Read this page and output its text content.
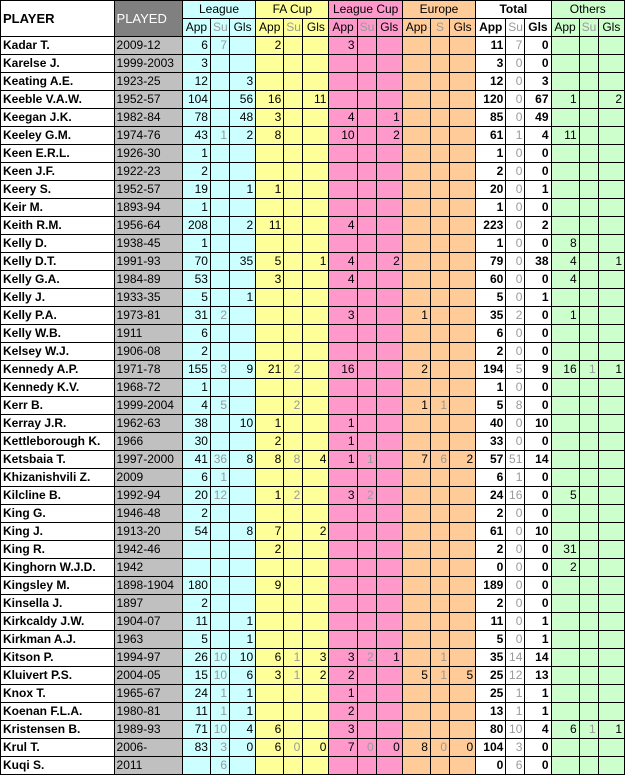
PLAYER	PLAYED	League			FA Cup			League Cup			Europe			Total			Others		
		App	Su	Gls	App	Su	Gls	App	Su	Gls	App	S	Gls	App	Su	Gls	App	Su	Gls
Kadar T.	2009-12	6	7		2			3						11	7	0			
Karelse J.	1999-2003	3												3	0	0			
Keating A.E.	1923-25	12		3										12	0	3			
Keeble V.A.W.	1952-57	104		56	16		11							120	0	67	1		2
Keegan J.K.	1982-84	78		48	3			4		1				85	0	49			
Keeley G.M.	1974-76	43	1	2	8			10		2				61	1	4	11		
Keen E.R.L.	1926-30	1												1	0	0			
Keen J.F.	1922-23	2												2	0	0			
Keery S.	1952-57	19		1	1									20	0	1			
Keir M.	1893-94	1												1	0	0			
Keith R.M.	1956-64	208		2	11			4						223	0	2			
Kelly D.	1938-45	1												1	0	0	8		
Kelly D.T.	1991-93	70		35	5		1	4		2				79	0	38	4		1
Kelly G.A.	1984-89	53			3			4						60	0	0	4		
Kelly J.	1933-35	5		1										5	0	1			
Kelly P.A.	1973-81	31	2					3			1			35	2	0	1		
Kelly W.B.	1911	6												6	0	0			
Kelsey W.J.	1906-08	2												2	0	0			
Kennedy A.P.	1971-78	155	3	9	21	2		16			2			194	5	9	16	1	1
Kennedy K.V.	1968-72	1												1	0	0			
Kerr B.	1999-2004	4	5			2					1	1		5	8	0			
Kerray J.R.	1962-63	38		10	1			1						40	0	10			
Kettleborough K.	1966	30			2			1						33	0	0			
Ketsbaia T.	1997-2000	41	36	8	8	8	4	1	1		7	6	2	57	51	14			
Khizanishvili Z.	2009	6	1											6	1	0			
Kilcline B.	1992-94	20	12		1	2		3	2					24	16	0	5		
King G.	1946-48	2												2	0	0			
King J.	1913-20	54		8	7		2							61	0	10			
King R.	1942-46				2									2	0	0	31		
Kinghorn W.J.D.	1942													0	0	0	2		
Kingsley M.	1898-1904	180			9									189	0	0			
Kinsella J.	1897	2												2	0	0			
Kirkcaldy J.W.	1904-07	11		1										11	0	1			
Kirkman A.J.	1963	5		1										5	0	1			
Kitson P.	1994-97	26	10	10	6	1	3	3	2	1		1		35	14	14			
Kluivert P.S.	2004-05	15	10	6	3	1	2	2			5	1	5	25	12	13			
Knox T.	1965-67	24	1	1				1						25	1	1			
Koenan F.L.A.	1980-81	11	1	1				2						13	1	1			
Kristensen B.	1989-93	71	10	4	6			3						80	10	4	6	1	1
Krul T.	2006-	83	3	0	6	0	0	7	0	0	8	0	0	104	3	0			
Kuqi S.	2011		6											0	6	0			
